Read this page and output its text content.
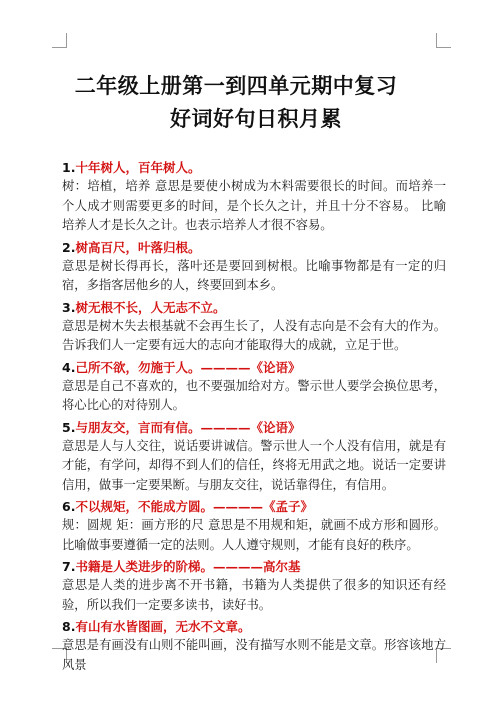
二年级上册第一到四单元期中复习
好词好句日积月累
1.十年树人，百年树人。
树：培植，培养 意思是要使小树成为木料需要很长的时间。而培养一个人成才则需要更多的时间，是个长久之计，并且十分不容易。 比喻培养人才是长久之计。也表示培养人才很不容易。
2.树高百尺，叶落归根。
意思是树长得再长，落叶还是要回到树根。比喻事物都是有一定的归宿，多指客居他乡的人，终要回到本乡。
3.树无根不长，人无志不立。
意思是树木失去根基就不会再生长了，人没有志向是不会有大的作为。告诉我们人一定要有远大的志向才能取得大的成就，立足于世。
4.己所不欲，勿施于人。————《论语》
意思是自己不喜欢的，也不要强加给对方。警示世人要学会换位思考，将心比心的对待别人。
5.与朋友交，言而有信。————《论语》
意思是人与人交往，说话要讲诚信。警示世人一个人没有信用，就是有才能，有学问，却得不到人们的信任，终将无用武之地。说话一定要讲信用，做事一定要果断。与朋友交往，说话靠得住，有信用。
6.不以规矩，不能成方圆。————《孟子》
规：圆规 矩：画方形的尺 意思是不用规和矩，就画不成方形和圆形。比喻做事要遵循一定的法则。人人遵守规则，才能有良好的秩序。
7.书籍是人类进步的阶梯。————高尔基
意思是人类的进步离不开书籍，书籍为人类提供了很多的知识还有经验，所以我们一定要多读书，读好书。
8.有山有水皆图画，无水不文章。
意思是有画没有山则不能叫画，没有描写水则不能是文章。形容该地方风景
